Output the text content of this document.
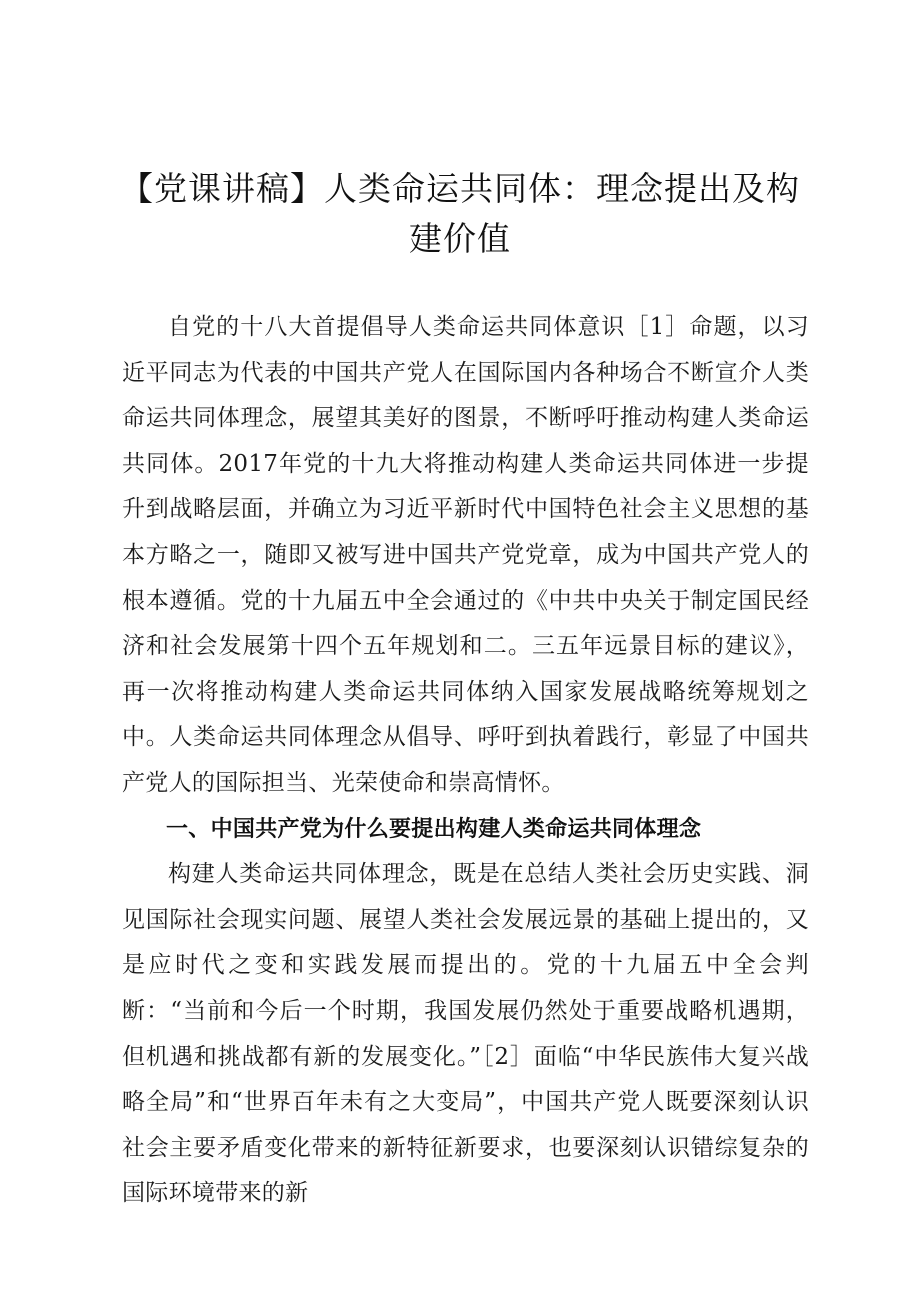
【党课讲稿】人类命运共同体：理念提出及构
建价值

自党的十八大首提倡导人类命运共同体意识［1］命题，以习近平同志为代表的中国共产党人在国际国内各种场合不断宣介人类命运共同体理念，展望其美好的图景，不断呼吁推动构建人类命运共同体。2017年党的十九大将推动构建人类命运共同体进一步提升到战略层面，并确立为习近平新时代中国特色社会主义思想的基本方略之一，随即又被写进中国共产党党章，成为中国共产党人的根本遵循。党的十九届五中全会通过的《中共中央关于制定国民经济和社会发展第十四个五年规划和二。三五年远景目标的建议》，再一次将推动构建人类命运共同体纳入国家发展战略统筹规划之中。人类命运共同体理念从倡导、呼吁到执着践行，彰显了中国共产党人的国际担当、光荣使命和崇高情怀。

一、中国共产党为什么要提出构建人类命运共同体理念

构建人类命运共同体理念，既是在总结人类社会历史实践、洞见国际社会现实问题、展望人类社会发展远景的基础上提出的，又是应时代之变和实践发展而提出的。党的十九届五中全会判断：“当前和今后一个时期，我国发展仍然处于重要战略机遇期，但机遇和挑战都有新的发展变化。”［2］面临“中华民族伟大复兴战略全局”和“世界百年未有之大变局”，中国共产党人既要深刻认识社会主要矛盾变化带来的新特征新要求，也要深刻认识错综复杂的国际环境带来的新
